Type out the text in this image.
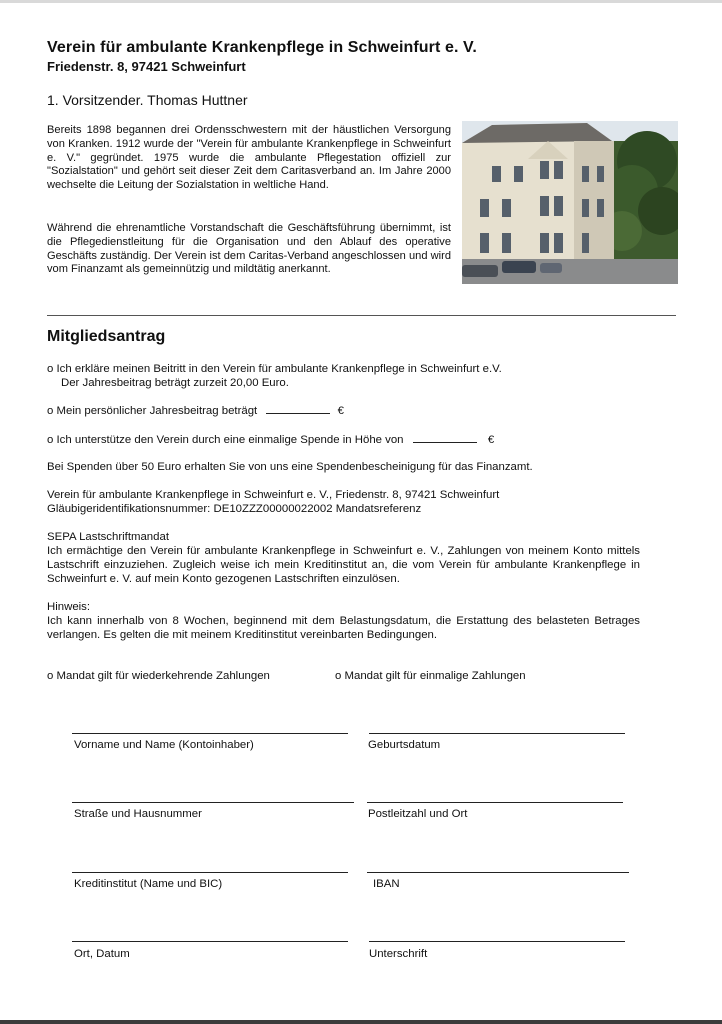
Verein für ambulante Krankenpflege in Schweinfurt e. V.
Friedenstr. 8, 97421 Schweinfurt
1. Vorsitzender. Thomas Huttner
Bereits 1898 begannen drei Ordensschwestern mit der häustlichen Versorgung von Kranken. 1912 wurde der "Verein für ambulante Krankenpflege in Schweinfurt e. V." gegründet. 1975 wurde die ambulante Pflegestation offiziell zur "Sozialstation" und gehört seit dieser Zeit dem Caritasverband an. Im Jahre 2000 wechselte die Leitung der Sozialstation in weltliche Hand.
Während die ehrenamtliche Vorstandschaft die Geschäftsführung übernimmt, ist die Pflegedienstleitung für die Organisation und den Ablauf des operative Geschäfts zuständig. Der Verein ist dem Caritas-Verband angeschlossen und wird vom Finanzamt als gemeinnützig und mildtätig anerkannt.
Mitgliedsantrag
o Ich erkläre meinen Beitritt in den Verein für ambulante Krankenpflege in Schweinfurt e.V.
Der Jahresbeitrag beträgt zurzeit 20,00 Euro.
o Mein persönlicher Jahresbeitrag beträgt	€
o Ich unterstütze den Verein durch eine einmalige Spende in Höhe von	€
Bei Spenden über 50 Euro erhalten Sie von uns eine Spendenbescheinigung für das Finanzamt.
Verein für ambulante Krankenpflege in Schweinfurt e. V., Friedenstr. 8, 97421 Schweinfurt
Gläubigeridentifikationsnummer: DE10ZZZ00000022002 Mandatsreferenz
SEPA Lastschriftmandat
Ich ermächtige den Verein für ambulante Krankenpflege in Schweinfurt e. V., Zahlungen von meinem Konto mittels Lastschrift einzuziehen. Zugleich weise ich mein Kreditinstitut an, die vom Verein für ambulante Krankenpflege in Schweinfurt e. V. auf mein Konto gezogenen Lastschriften einzulösen.
Hinweis:
Ich kann innerhalb von 8 Wochen, beginnend mit dem Belastungsdatum, die Erstattung des belasteten Betrages verlangen. Es gelten die mit meinem Kreditinstitut vereinbarten Bedingungen.
o Mandat gilt für wiederkehrende Zahlungen	o Mandat gilt für einmalige Zahlungen
Vorname und Name (Kontoinhaber)	Geburtsdatum
Straße und Hausnummer	Postleitzahl und Ort
Kreditinstitut (Name und BIC)	IBAN
Ort, Datum	Unterschrift
